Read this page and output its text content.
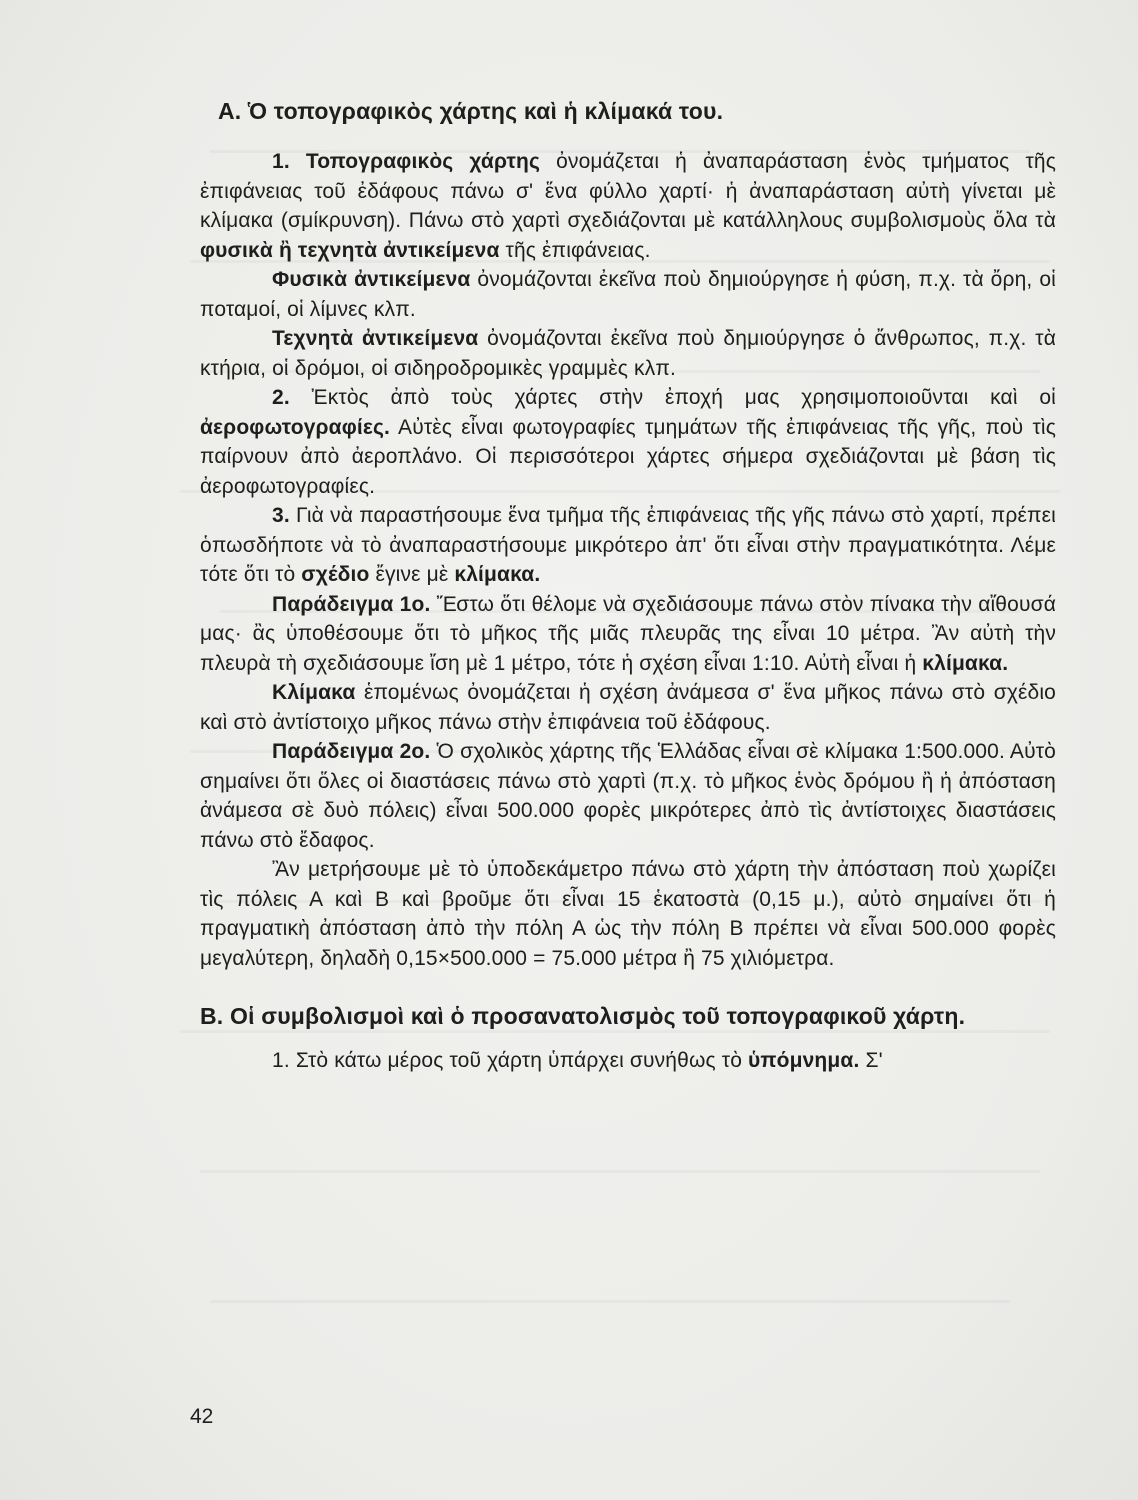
Α. Ὁ τοπογραφικὸς χάρτης καὶ ἡ κλίμακά του.

1. Τοπογραφικὸς χάρτης ὀνομάζεται ἡ ἀναπαράσταση ἑνὸς τμήματος τῆς ἐπιφάνειας τοῦ ἐδάφους πάνω σ' ἕνα φύλλο χαρτί· ἡ ἀναπαράσταση αὐτὴ γίνεται μὲ κλίμακα (σμίκρυνση). Πάνω στὸ χαρτὶ σχεδιάζονται μὲ κατάλληλους συμβολισμοὺς ὅλα τὰ φυσικὰ ἢ τεχνητὰ ἀντικείμενα τῆς ἐπιφάνειας.

Φυσικὰ ἀντικείμενα ὀνομάζονται ἐκεῖνα ποὺ δημιούργησε ἡ φύση, π.χ. τὰ ὄρη, οἱ ποταμοί, οἱ λίμνες κλπ.

Τεχνητὰ ἀντικείμενα ὀνομάζονται ἐκεῖνα ποὺ δημιούργησε ὁ ἄνθρωπος, π.χ. τὰ κτήρια, οἱ δρόμοι, οἱ σιδηροδρομικὲς γραμμὲς κλπ.

2. Ἐκτὸς ἀπὸ τοὺς χάρτες στὴν ἐποχή μας χρησιμοποιοῦνται καὶ οἱ ἀεροφωτογραφίες. Αὐτὲς εἶναι φωτογραφίες τμημάτων τῆς ἐπιφάνειας τῆς γῆς, ποὺ τὶς παίρνουν ἀπὸ ἀεροπλάνο. Οἱ περισσότεροι χάρτες σήμερα σχεδιάζονται μὲ βάση τὶς ἀεροφωτογραφίες.

3. Γιὰ νὰ παραστήσουμε ἕνα τμῆμα τῆς ἐπιφάνειας τῆς γῆς πάνω στὸ χαρτί, πρέπει ὁπωσδήποτε νὰ τὸ ἀναπαραστήσουμε μικρότερο ἀπ' ὅτι εἶναι στὴν πραγματικότητα. Λέμε τότε ὅτι τὸ σχέδιο ἔγινε μὲ κλίμακα.

Παράδειγμα 1ο. Ἔστω ὅτι θέλομε νὰ σχεδιάσουμε πάνω στὸν πίνακα τὴν αἴθουσά μας· ἂς ὑποθέσουμε ὅτι τὸ μῆκος τῆς μιᾶς πλευρᾶς της εἶναι 10 μέτρα. Ἂν αὐτὴ τὴν πλευρὰ τὴ σχεδιάσουμε ἴση μὲ 1 μέτρο, τότε ἡ σχέση εἶναι 1:10. Αὐτὴ εἶναι ἡ κλίμακα.

Κλίμακα ἑπομένως ὀνομάζεται ἡ σχέση ἀνάμεσα σ' ἕνα μῆκος πάνω στὸ σχέδιο καὶ στὸ ἀντίστοιχο μῆκος πάνω στὴν ἐπιφάνεια τοῦ ἐδάφους.

Παράδειγμα 2ο. Ὁ σχολικὸς χάρτης τῆς Ἑλλάδας εἶναι σὲ κλίμακα 1:500.000. Αὐτὸ σημαίνει ὅτι ὅλες οἱ διαστάσεις πάνω στὸ χαρτὶ (π.χ. τὸ μῆκος ἑνὸς δρόμου ἢ ἡ ἀπόσταση ἀνάμεσα σὲ δυὸ πόλεις) εἶναι 500.000 φορὲς μικρότερες ἀπὸ τὶς ἀντίστοιχες διαστάσεις πάνω στὸ ἔδαφος.

Ἂν μετρήσουμε μὲ τὸ ὑποδεκάμετρο πάνω στὸ χάρτη τὴν ἀπόσταση ποὺ χωρίζει τὶς πόλεις Α καὶ Β καὶ βροῦμε ὅτι εἶναι 15 ἑκατοστὰ (0,15 μ.), αὐτὸ σημαίνει ὅτι ἡ πραγματικὴ ἀπόσταση ἀπὸ τὴν πόλη Α ὡς τὴν πόλη Β πρέπει νὰ εἶναι 500.000 φορὲς μεγαλύτερη, δηλαδὴ 0,15×500.000 = 75.000 μέτρα ἢ 75 χιλιόμετρα.

Β. Οἱ συμβολισμοὶ καὶ ὁ προσανατολισμὸς τοῦ τοπογραφικοῦ χάρτη.

1. Στὸ κάτω μέρος τοῦ χάρτη ὑπάρχει συνήθως τὸ ὑπόμνημα. Σ'

42
